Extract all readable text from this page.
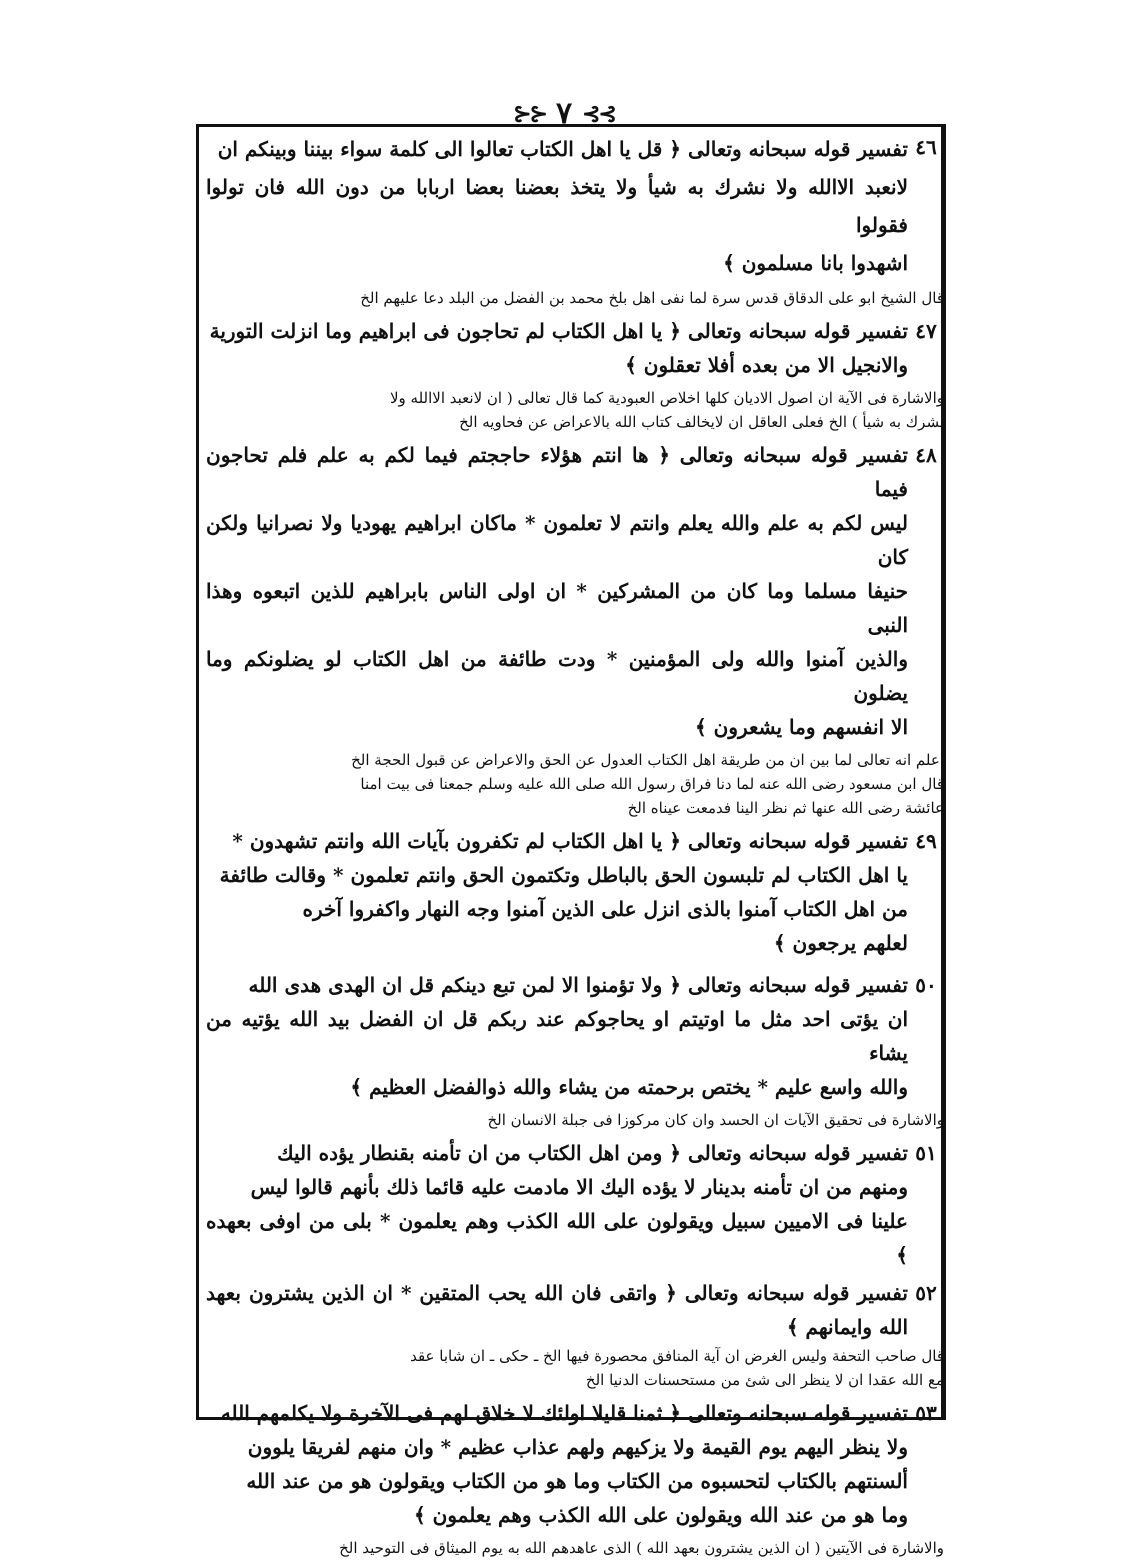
⊱⊱ ٧ ⊰⊰
٤٦
تفسير قوله سبحانه وتعالى ﴿ قل يا اهل الكتاب تعالوا الى كلمة سواء بيننا وبينكم ان
لانعبد الاالله ولا نشرك به شيأ ولا يتخذ بعضنا بعضا اربابا من دون الله فان تولوا فقولوا
اشهدوا بانا مسلمون ﴾
قال الشيخ ابو على الدقاق قدس سرة لما نفى اهل بلخ محمد بن الفضل من البلد دعا عليهم الخ
٤٧
تفسير قوله سبحانه وتعالى ﴿ يا اهل الكتاب لم تحاجون فى ابراهيم وما انزلت التورية
والانجيل الا من بعده أفلا تعقلون ﴾
والاشارة فى الآية ان اصول الاديان كلها اخلاص العبودية كما قال تعالى ( ان لانعبد الاالله ولا
نشرك به شيأ ) الخ فعلى العاقل ان لايخالف كتاب الله بالاعراض عن فحاويه الخ
٤٨
تفسير قوله سبحانه وتعالى ﴿ ها انتم هؤلاء حاججتم فيما لكم به علم فلم تحاجون فيما
ليس لكم به علم والله يعلم وانتم لا تعلمون * ماكان ابراهيم يهوديا ولا نصرانيا ولكن كان
حنيفا مسلما وما كان من المشركين * ان اولى الناس بابراهيم للذين اتبعوه وهذا النبى
والذين آمنوا والله ولى المؤمنين * ودت طائفة من اهل الكتاب لو يضلونكم وما يضلون
الا انفسهم وما يشعرون ﴾
اعلم انه تعالى لما بين ان من طريقة اهل الكتاب العدول عن الحق والاعراض عن قبول الحجة الخ
قال ابن مسعود رضى الله عنه لما دنا فراق رسول الله صلى الله عليه وسلم جمعنا فى بيت امنا
عائشة رضى الله عنها ثم نظر الينا فدمعت عيناه الخ
٤٩
تفسير قوله سبحانه وتعالى ﴿ يا اهل الكتاب لم تكفرون بآيات الله وانتم تشهدون *
يا اهل الكتاب لم تلبسون الحق بالباطل وتكتمون الحق وانتم تعلمون * وقالت طائفة
من اهل الكتاب آمنوا بالذى انزل على الذين آمنوا وجه النهار واكفروا آخره
لعلهم يرجعون ﴾
٥٠
تفسير قوله سبحانه وتعالى ﴿ ولا تؤمنوا الا لمن تبع دينكم قل ان الهدى هدى الله
ان يؤتى احد مثل ما اوتيتم او يحاجوكم عند ربكم قل ان الفضل بيد الله يؤتيه من يشاء
والله واسع عليم * يختص برحمته من يشاء والله ذوالفضل العظيم ﴾
والاشارة فى تحقيق الآيات ان الحسد وان كان مركوزا فى جبلة الانسان الخ
٥١
تفسير قوله سبحانه وتعالى ﴿ ومن اهل الكتاب من ان تأمنه بقنطار يؤده اليك
ومنهم من ان تأمنه بدينار لا يؤده اليك الا مادمت عليه قائما ذلك بأنهم قالوا ليس
علينا فى الاميين سبيل ويقولون على الله الكذب وهم يعلمون * بلى من اوفى بعهده ﴾
٥٢
تفسير قوله سبحانه وتعالى ﴿ واتقى فان الله يحب المتقين * ان الذين يشترون بعهد الله وايمانهم ﴾
قال صاحب التحفة وليس الغرض ان آية المنافق محصورة فيها الخ ـ حكى ـ ان شابا عقد
مع الله عقدا ان لا ينظر الى شئ من مستحسنات الدنيا الخ
٥٣
تفسير قوله سبحانه وتعالى ﴿ ثمنا قليلا اولئك لا خلاق لهم فى الآخرة ولا يكلمهم الله
ولا ينظر اليهم يوم القيمة ولا يزكيهم ولهم عذاب عظيم * وان منهم لفريقا يلوون
ألسنتهم بالكتاب لتحسبوه من الكتاب وما هو من الكتاب ويقولون هو من عند الله
وما هو من عند الله ويقولون على الله الكذب وهم يعلمون ﴾
والاشارة فى الآيتين ( ان الذين يشترون بعهد الله ) الذى عاهدهم الله به يوم الميثاق فى التوحيد الخ
